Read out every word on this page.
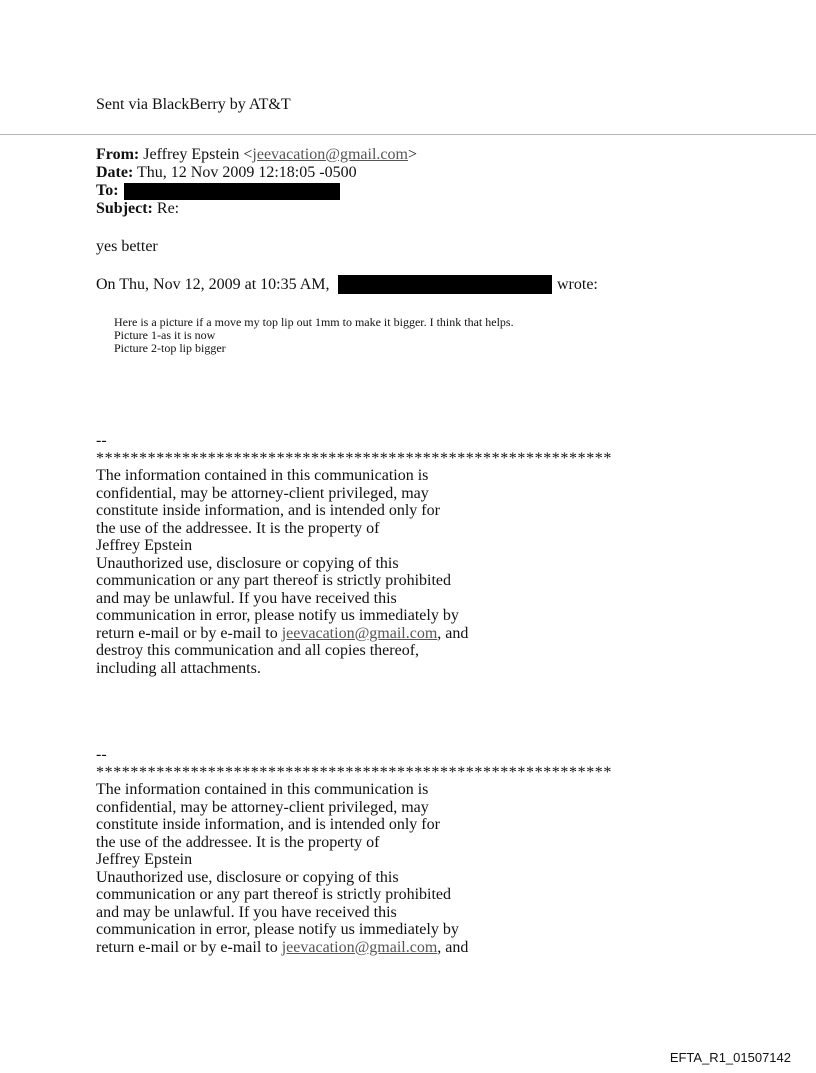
Sent via BlackBerry by AT&T
From: Jeffrey Epstein <jeevacation@gmail.com>
Date: Thu, 12 Nov 2009 12:18:05 -0500
To:
Subject: Re:
yes better
On Thu, Nov 12, 2009 at 10:35 AM,	wrote:
Here is a picture if a move my top lip out 1mm to make it bigger. I think that helps.
Picture 1-as it is now
Picture 2-top lip bigger
--
************************************************************
The information contained in this communication is
confidential, may be attorney-client privileged, may
constitute inside information, and is intended only for
the use of the addressee. It is the property of
Jeffrey Epstein
Unauthorized use, disclosure or copying of this
communication or any part thereof is strictly prohibited
and may be unlawful. If you have received this
communication in error, please notify us immediately by
return e-mail or by e-mail to jeevacation@gmail.com, and
destroy this communication and all copies thereof,
including all attachments.
--
************************************************************
The information contained in this communication is
confidential, may be attorney-client privileged, may
constitute inside information, and is intended only for
the use of the addressee. It is the property of
Jeffrey Epstein
Unauthorized use, disclosure or copying of this
communication or any part thereof is strictly prohibited
and may be unlawful. If you have received this
communication in error, please notify us immediately by
return e-mail or by e-mail to jeevacation@gmail.com, and
EFTA_R1_01507142
